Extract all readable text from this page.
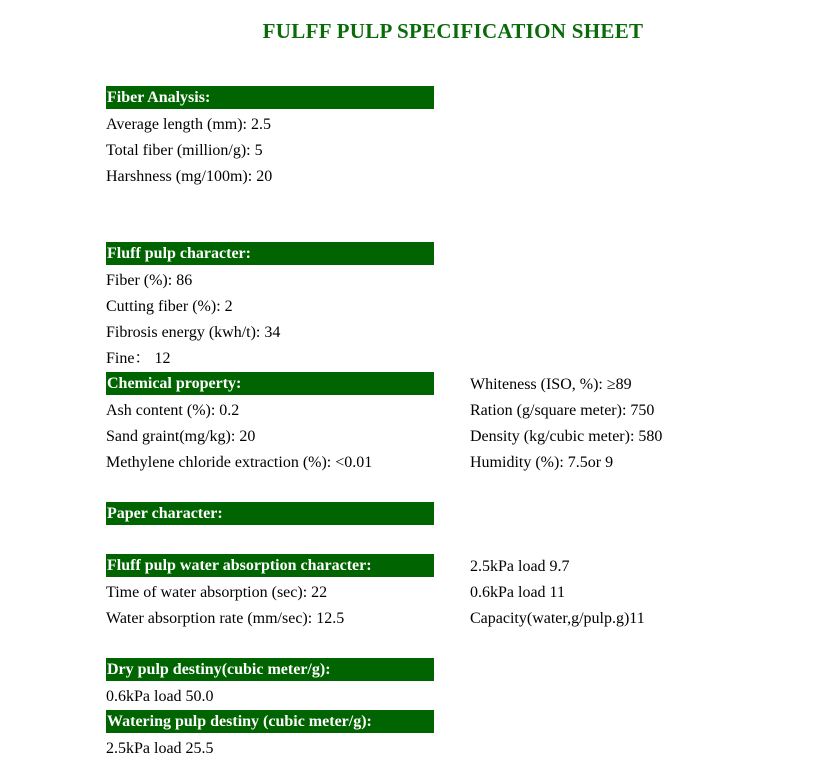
FULFF PULP SPECIFICATION SHEET
Fiber Analysis:
Average length (mm): 2.5
Total fiber (million/g): 5
Harshness (mg/100m): 20
Fluff pulp character:
Fiber (%): 86
Cutting fiber (%): 2
Fibrosis energy (kwh/t): 34
Fine： 12
Chemical property:
Ash content (%): 0.2
Sand graint(mg/kg): 20
Methylene chloride extraction (%): <0.01
Whiteness (ISO, %): ≥89
Ration (g/square meter): 750
Density (kg/cubic meter): 580
Humidity (%): 7.5or 9
Paper character:
Fluff pulp water absorption character:
Time of water absorption (sec): 22
Water absorption rate (mm/sec): 12.5
2.5kPa load 9.7
0.6kPa load 11
Capacity(water,g/pulp.g)11
Dry pulp destiny(cubic meter/g):
0.6kPa load 50.0
Watering pulp destiny (cubic meter/g):
2.5kPa load 25.5
